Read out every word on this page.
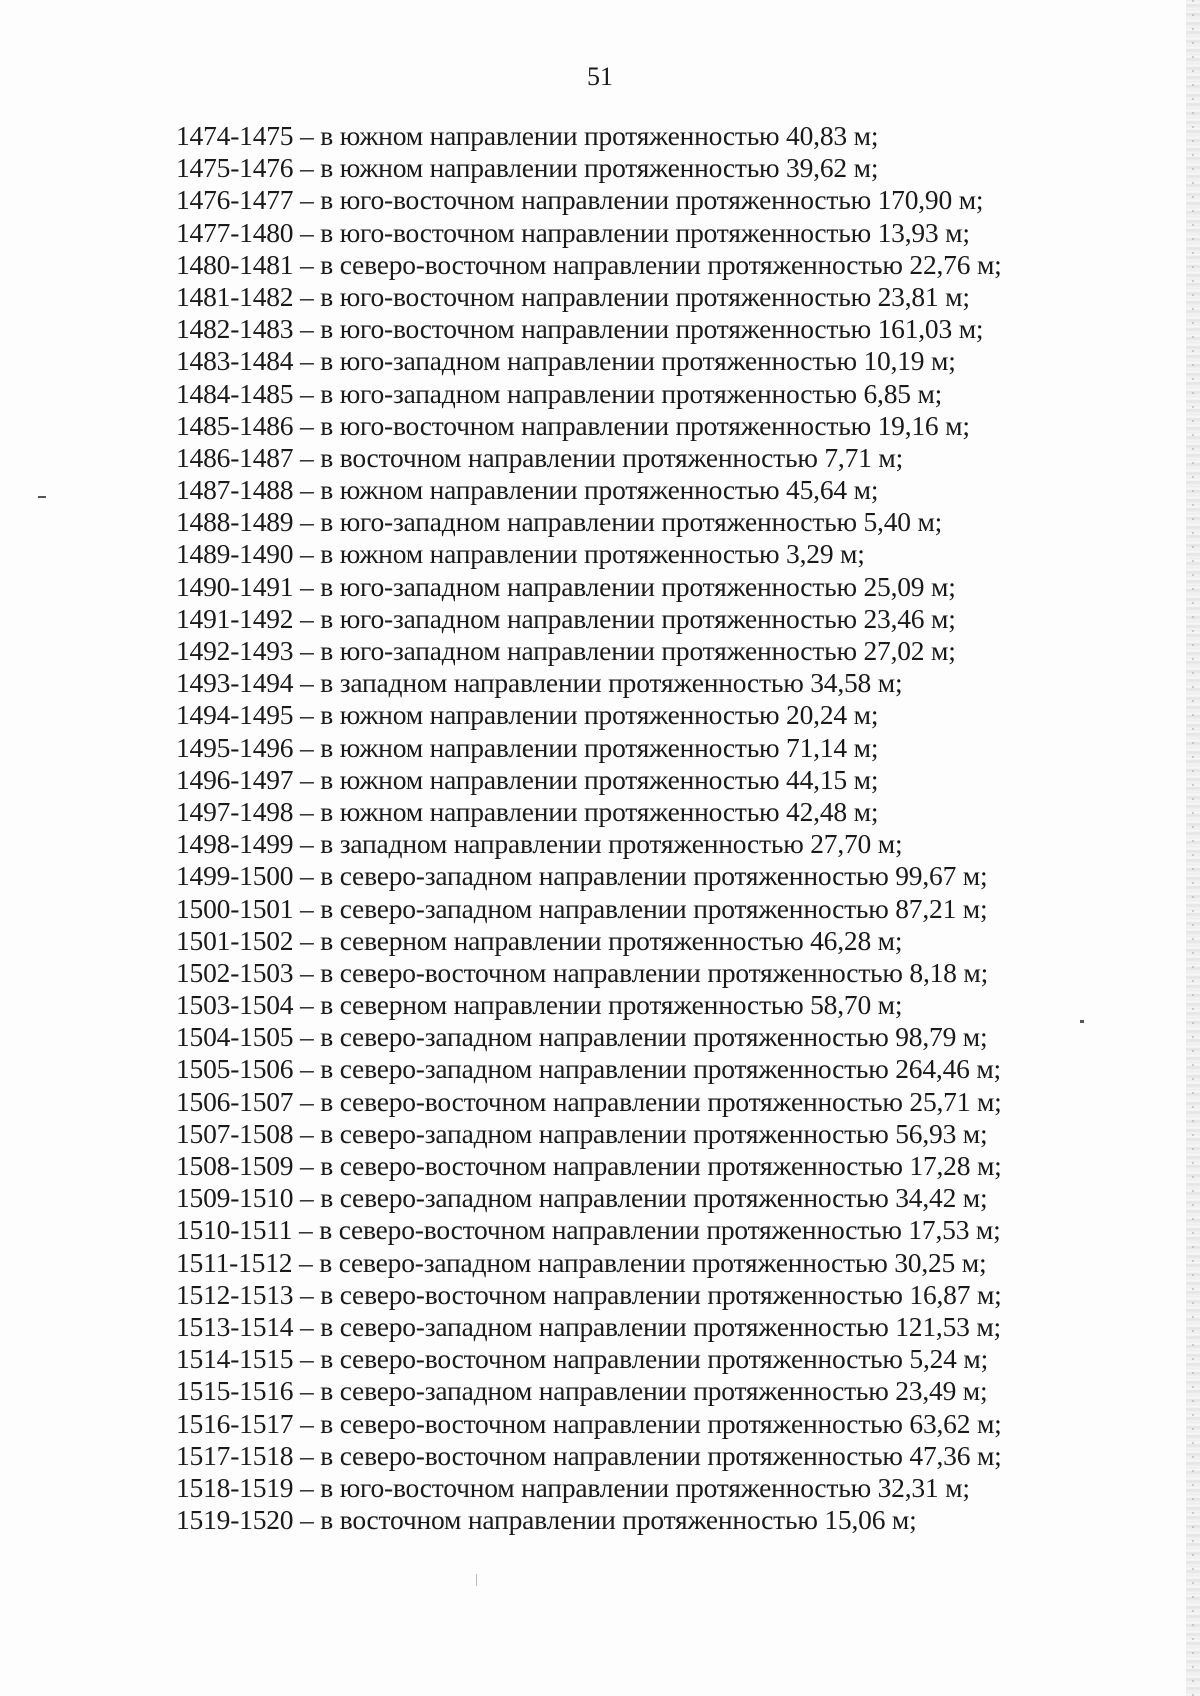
51
1474-1475 – в южном направлении протяженностью 40,83 м;
1475-1476 – в южном направлении протяженностью 39,62 м;
1476-1477 – в юго-восточном направлении протяженностью 170,90 м;
1477-1480 – в юго-восточном направлении протяженностью 13,93 м;
1480-1481 – в северо-восточном направлении протяженностью 22,76 м;
1481-1482 – в юго-восточном направлении протяженностью 23,81 м;
1482-1483 – в юго-восточном направлении протяженностью 161,03 м;
1483-1484 – в юго-западном направлении протяженностью 10,19 м;
1484-1485 – в юго-западном направлении протяженностью 6,85 м;
1485-1486 – в юго-восточном направлении протяженностью 19,16 м;
1486-1487 – в восточном направлении протяженностью 7,71 м;
1487-1488 – в южном направлении протяженностью 45,64 м;
1488-1489 – в юго-западном направлении протяженностью 5,40 м;
1489-1490 – в южном направлении протяженностью 3,29 м;
1490-1491 – в юго-западном направлении протяженностью 25,09 м;
1491-1492 – в юго-западном направлении протяженностью 23,46 м;
1492-1493 – в юго-западном направлении протяженностью 27,02 м;
1493-1494 – в западном направлении протяженностью 34,58 м;
1494-1495 – в южном направлении протяженностью 20,24 м;
1495-1496 – в южном направлении протяженностью 71,14 м;
1496-1497 – в южном направлении протяженностью 44,15 м;
1497-1498 – в южном направлении протяженностью 42,48 м;
1498-1499 – в западном направлении протяженностью 27,70 м;
1499-1500 – в северо-западном направлении протяженностью 99,67 м;
1500-1501 – в северо-западном направлении протяженностью 87,21 м;
1501-1502 – в северном направлении протяженностью 46,28 м;
1502-1503 – в северо-восточном направлении протяженностью 8,18 м;
1503-1504 – в северном направлении протяженностью 58,70 м;
1504-1505 – в северо-западном направлении протяженностью 98,79 м;
1505-1506 – в северо-западном направлении протяженностью 264,46 м;
1506-1507 – в северо-восточном направлении протяженностью 25,71 м;
1507-1508 – в северо-западном направлении протяженностью 56,93 м;
1508-1509 – в северо-восточном направлении протяженностью 17,28 м;
1509-1510 – в северо-западном направлении протяженностью 34,42 м;
1510-1511 – в северо-восточном направлении протяженностью 17,53 м;
1511-1512 – в северо-западном направлении протяженностью 30,25 м;
1512-1513 – в северо-восточном направлении протяженностью 16,87 м;
1513-1514 – в северо-западном направлении протяженностью 121,53 м;
1514-1515 – в северо-восточном направлении протяженностью 5,24 м;
1515-1516 – в северо-западном направлении протяженностью 23,49 м;
1516-1517 – в северо-восточном направлении протяженностью 63,62 м;
1517-1518 – в северо-восточном направлении протяженностью 47,36 м;
1518-1519 – в юго-восточном направлении протяженностью 32,31 м;
1519-1520 – в восточном направлении протяженностью 15,06 м;
